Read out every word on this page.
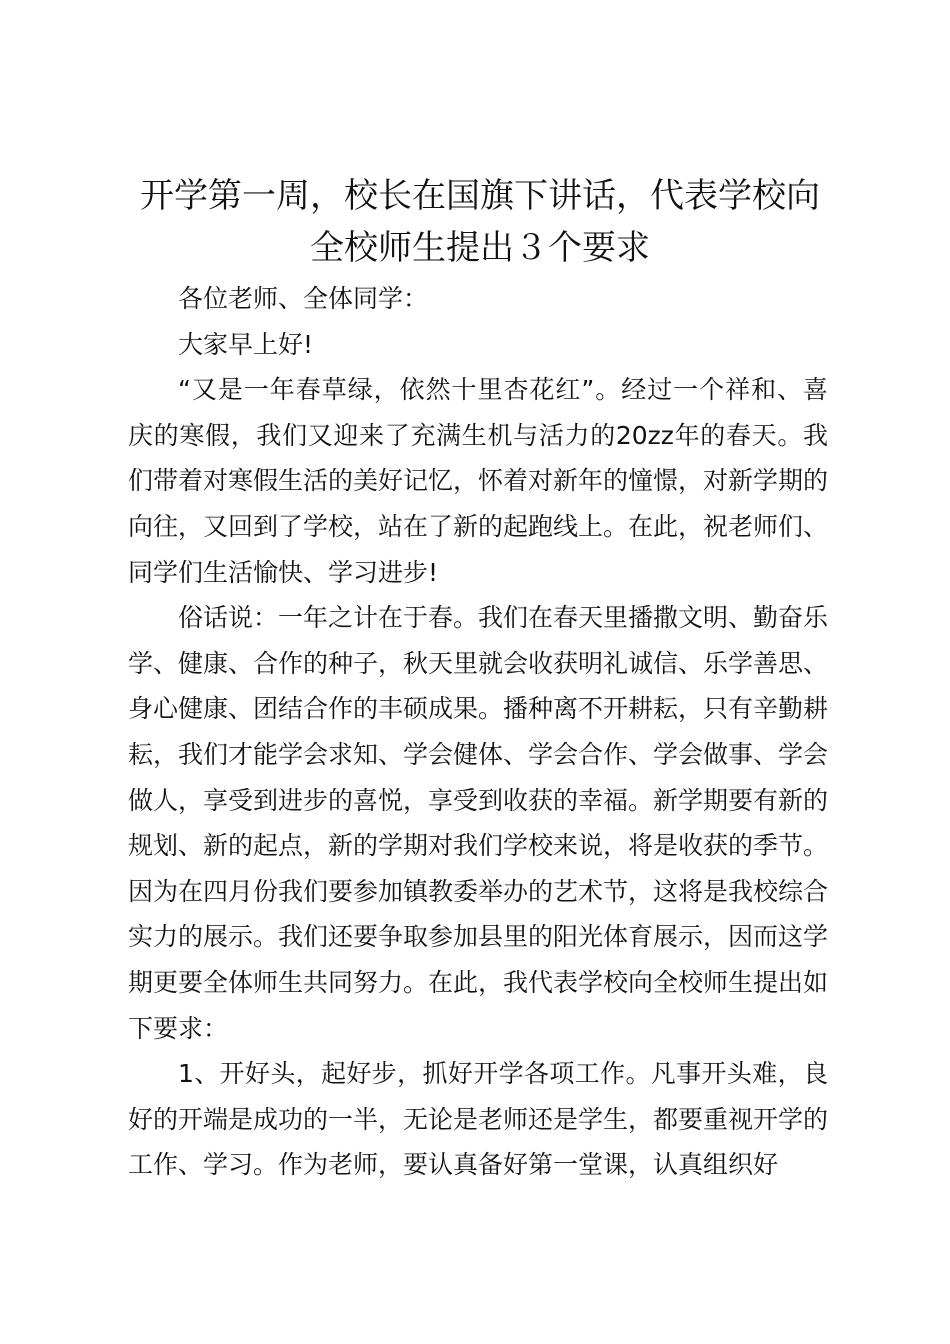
开学第一周，校长在国旗下讲话，代表学校向
全校师生提出３个要求

各位老师、全体同学：

大家早上好!

“又是一年春草绿，依然十里杏花红”。经过一个祥和、喜庆的寒假，我们又迎来了充满生机与活力的20zz年的春天。我们带着对寒假生活的美好记忆，怀着对新年的憧憬，对新学期的向往，又回到了学校，站在了新的起跑线上。在此，祝老师们、同学们生活愉快、学习进步!

俗话说：一年之计在于春。我们在春天里播撒文明、勤奋乐学、健康、合作的种子，秋天里就会收获明礼诚信、乐学善思、身心健康、团结合作的丰硕成果。播种离不开耕耘，只有辛勤耕耘，我们才能学会求知、学会健体、学会合作、学会做事、学会做人，享受到进步的喜悦，享受到收获的幸福。新学期要有新的规划、新的起点，新的学期对我们学校来说，将是收获的季节。因为在四月份我们要参加镇教委举办的艺术节，这将是我校综合实力的展示。我们还要争取参加县里的阳光体育展示，因而这学期更要全体师生共同努力。在此，我代表学校向全校师生提出如下要求：

1、开好头，起好步，抓好开学各项工作。凡事开头难，良好的开端是成功的一半，无论是老师还是学生，都要重视开学的工作、学习。作为老师，要认真备好第一堂课，认真组织好
